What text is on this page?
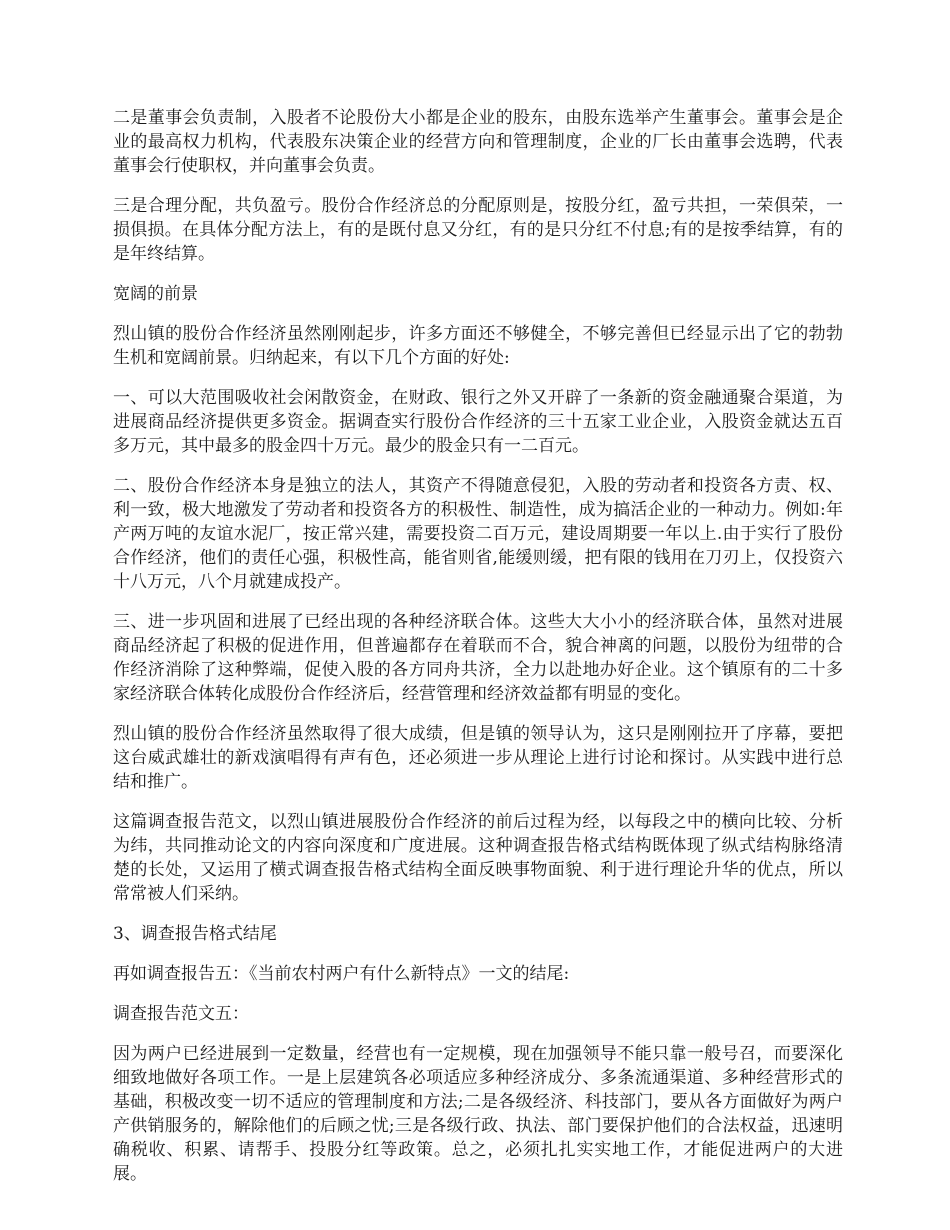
二是董事会负责制，入股者不论股份大小都是企业的股东，由股东选举产生董事会。董事会是企业的最高权力机构，代表股东决策企业的经营方向和管理制度，企业的厂长由董事会选聘，代表董事会行使职权，并向董事会负责。

三是合理分配，共负盈亏。股份合作经济总的分配原则是，按股分红，盈亏共担，一荣俱荣，一损俱损。在具体分配方法上，有的是既付息又分红，有的是只分红不付息;有的是按季结算，有的是年终结算。

宽阔的前景

烈山镇的股份合作经济虽然刚刚起步，许多方面还不够健全，不够完善但已经显示出了它的勃勃生机和宽阔前景。归纳起来，有以下几个方面的好处:

一、可以大范围吸收社会闲散资金，在财政、银行之外又开辟了一条新的资金融通聚合渠道，为进展商品经济提供更多资金。据调查实行股份合作经济的三十五家工业企业，入股资金就达五百多万元，其中最多的股金四十万元。最少的股金只有一二百元。

二、股份合作经济本身是独立的法人，其资产不得随意侵犯，入股的劳动者和投资各方责、权、利一致，极大地激发了劳动者和投资各方的积极性、制造性，成为搞活企业的一种动力。例如:年产两万吨的友谊水泥厂，按正常兴建，需要投资二百万元，建设周期要一年以上.由于实行了股份合作经济，他们的责任心强，积极性高，能省则省,能缓则缓，把有限的钱用在刀刃上，仅投资六十八万元，八个月就建成投产。

三、进一步巩固和进展了已经出现的各种经济联合体。这些大大小小的经济联合体，虽然对进展商品经济起了积极的促进作用，但普遍都存在着联而不合，貌合神离的问题，以股份为纽带的合作经济消除了这种弊端，促使入股的各方同舟共济，全力以赴地办好企业。这个镇原有的二十多家经济联合体转化成股份合作经济后，经营管理和经济效益都有明显的变化。

烈山镇的股份合作经济虽然取得了很大成绩，但是镇的领导认为，这只是刚刚拉开了序幕，要把这台威武雄壮的新戏演唱得有声有色，还必须进一步从理论上进行讨论和探讨。从实践中进行总结和推广。

这篇调查报告范文，以烈山镇进展股份合作经济的前后过程为经，以每段之中的横向比较、分析为纬，共同推动论文的内容向深度和广度进展。这种调查报告格式结构既体现了纵式结构脉络清楚的长处，又运用了横式调查报告格式结构全面反映事物面貌、利于进行理论升华的优点，所以常常被人们采纳。

3、调查报告格式结尾

再如调查报告五：《当前农村两户有什么新特点》一文的结尾:

调查报告范文五：

因为两户已经进展到一定数量，经营也有一定规模，现在加强领导不能只靠一般号召，而要深化细致地做好各项工作。一是上层建筑各必项适应多种经济成分、多条流通渠道、多种经营形式的基础，积极改变一切不适应的管理制度和方法;二是各级经济、科技部门，要从各方面做好为两户产供销服务的，解除他们的后顾之忧;三是各级行政、执法、部门要保护他们的合法权益，迅速明确税收、积累、请帮手、投股分红等政策。总之，必须扎扎实实地工作，才能促进两户的大进展。
